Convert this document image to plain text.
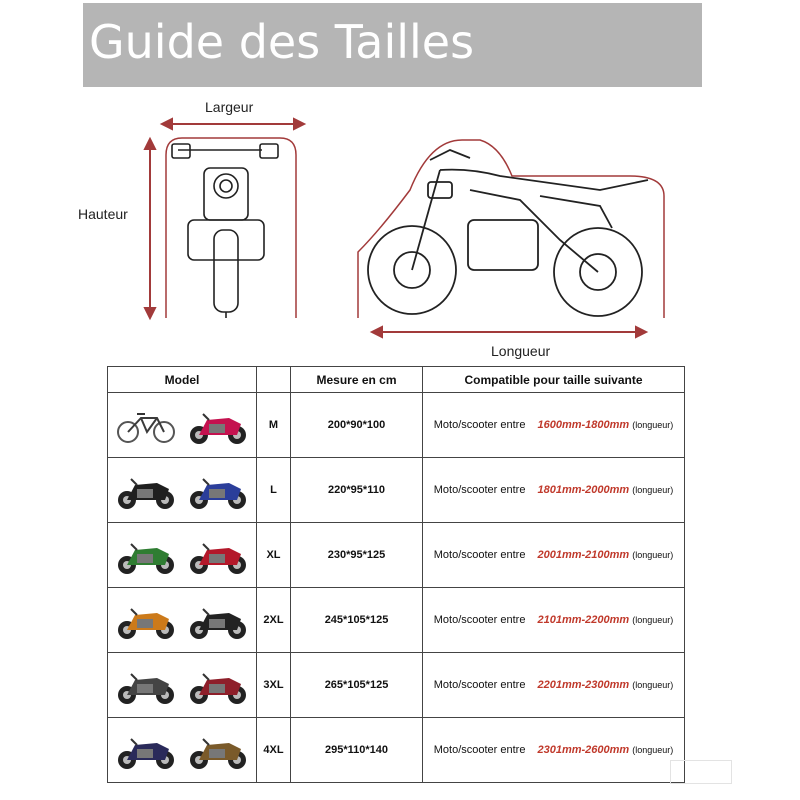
Guide des Tailles
Largeur
Hauteur
Longueur
Model		Mesure en cm	Compatible pour taille suivante

	M	200*90*100	Moto/scooter entre 1600mm-1800mm (longueur)

	L	220*95*110	Moto/scooter entre 1801mm-2000mm (longueur)

	XL	230*95*125	Moto/scooter entre 2001mm-2100mm (longueur)

	2XL	245*105*125	Moto/scooter entre 2101mm-2200mm (longueur)

	3XL	265*105*125	Moto/scooter entre 2201mm-2300mm (longueur)

	4XL	295*110*140	Moto/scooter entre 2301mm-2600mm (longueur)
